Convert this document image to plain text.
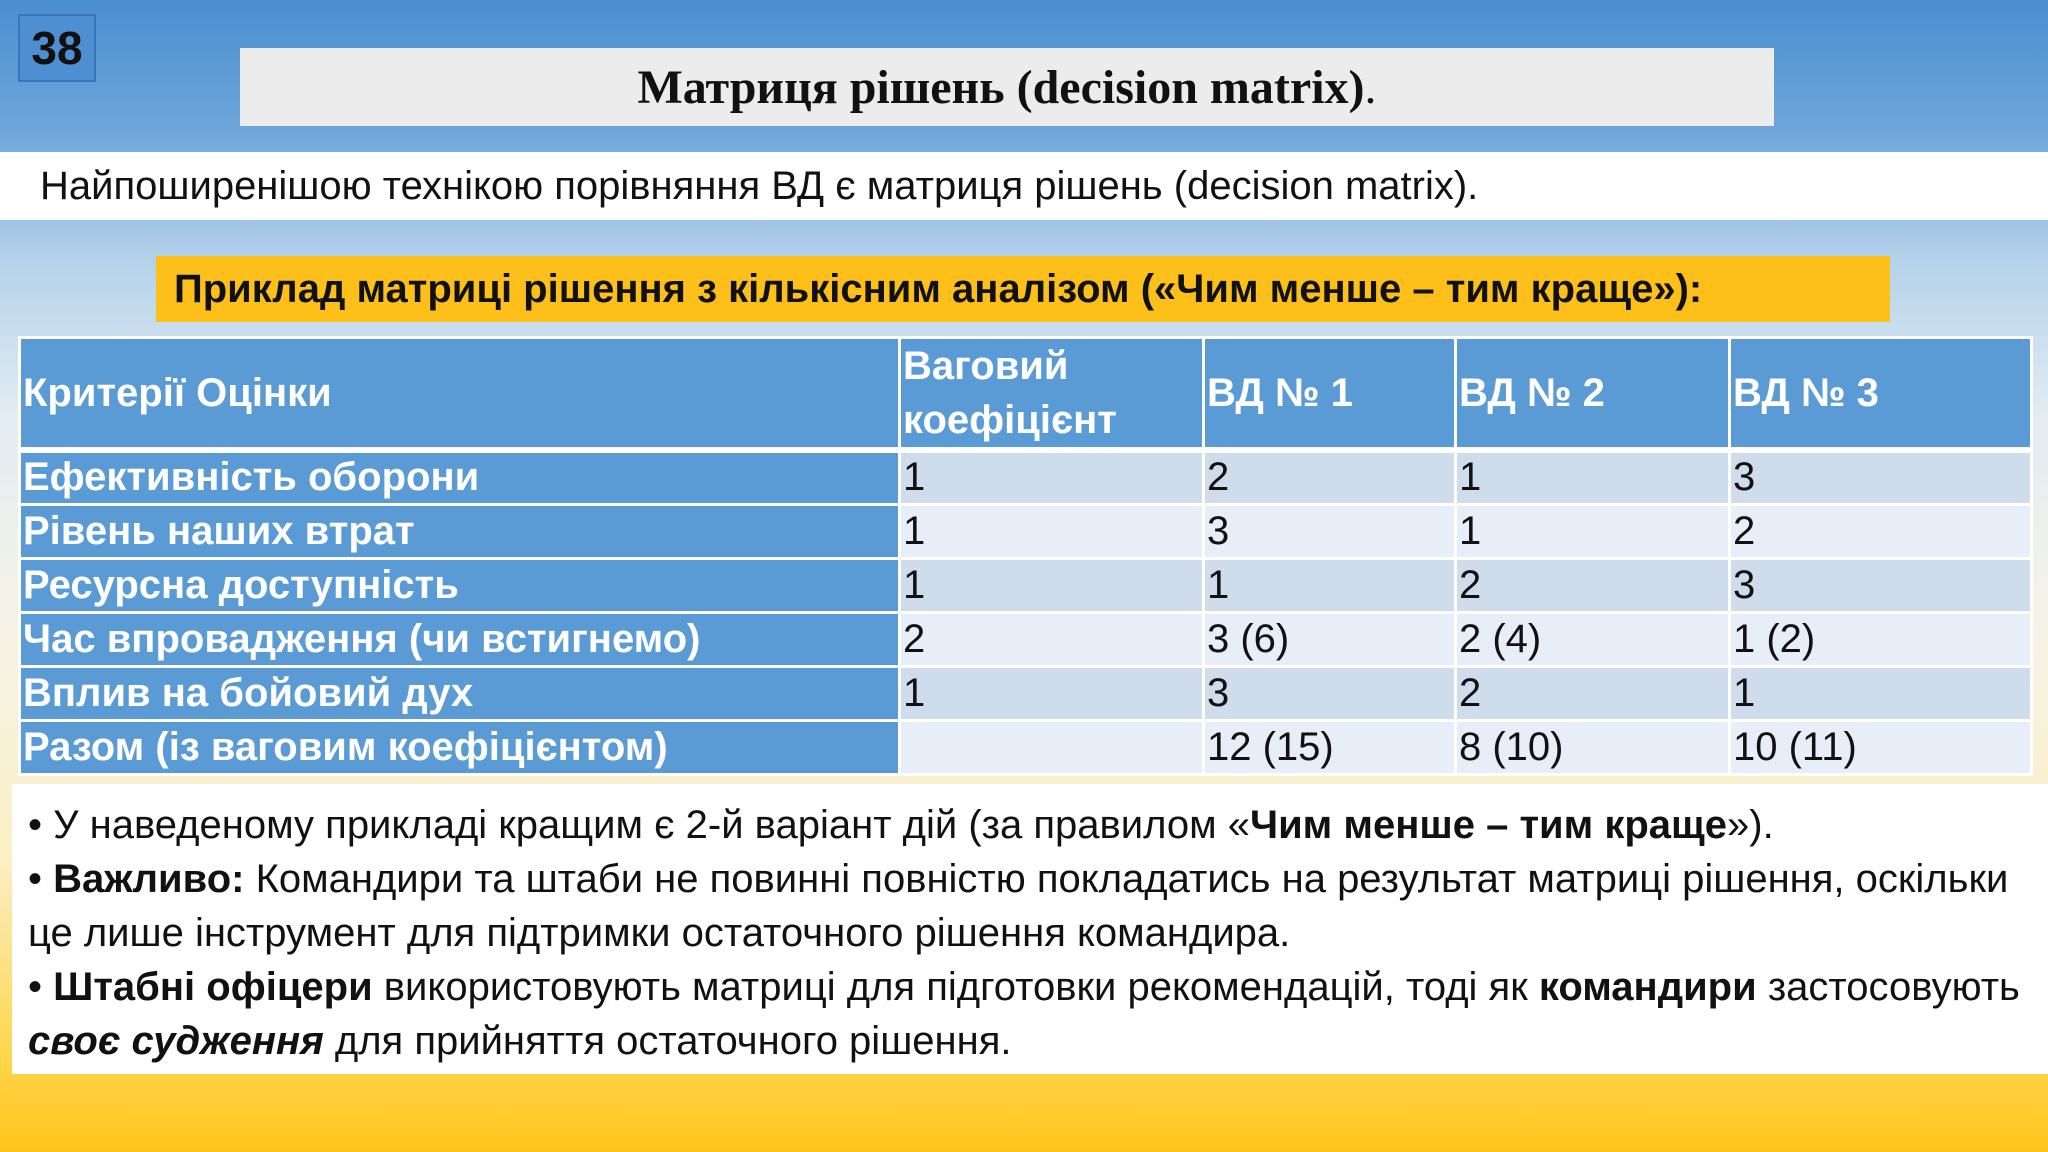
38
Матриця рішень (decision matrix) .
Найпоширенішою технікою порівняння ВД є матриця рішень (decision matrix).
Приклад матриці рішення з кількісним аналізом («Чим менше – тим краще»):
Критерії Оцінки	Ваговий коефіцієнт	ВД № 1	ВД № 2	ВД № 3
Ефективність оборони	1	2	1	3
Рівень наших втрат	1	3	1	2
Ресурсна доступність	1	1	2	3
Час впровадження (чи встигнемо)	2	3 (6)	2 (4)	1 (2)
Вплив на бойовий дух	1	3	2	1
Разом (із ваговим коефіцієнтом)		12 (15)	8 (10)	10 (11)

• У наведеному прикладі кращим є 2-й варіант дій (за правилом «Чим менше – тим краще»).

• Важливо: Командири та штаби не повинні повністю покладатись на результат матриці рішення, оскільки це лише інструмент для підтримки остаточного рішення командира.

• Штабні офіцери використовують матриці для підготовки рекомендацій, тоді як командири застосовують своє судження для прийняття остаточного рішення.
